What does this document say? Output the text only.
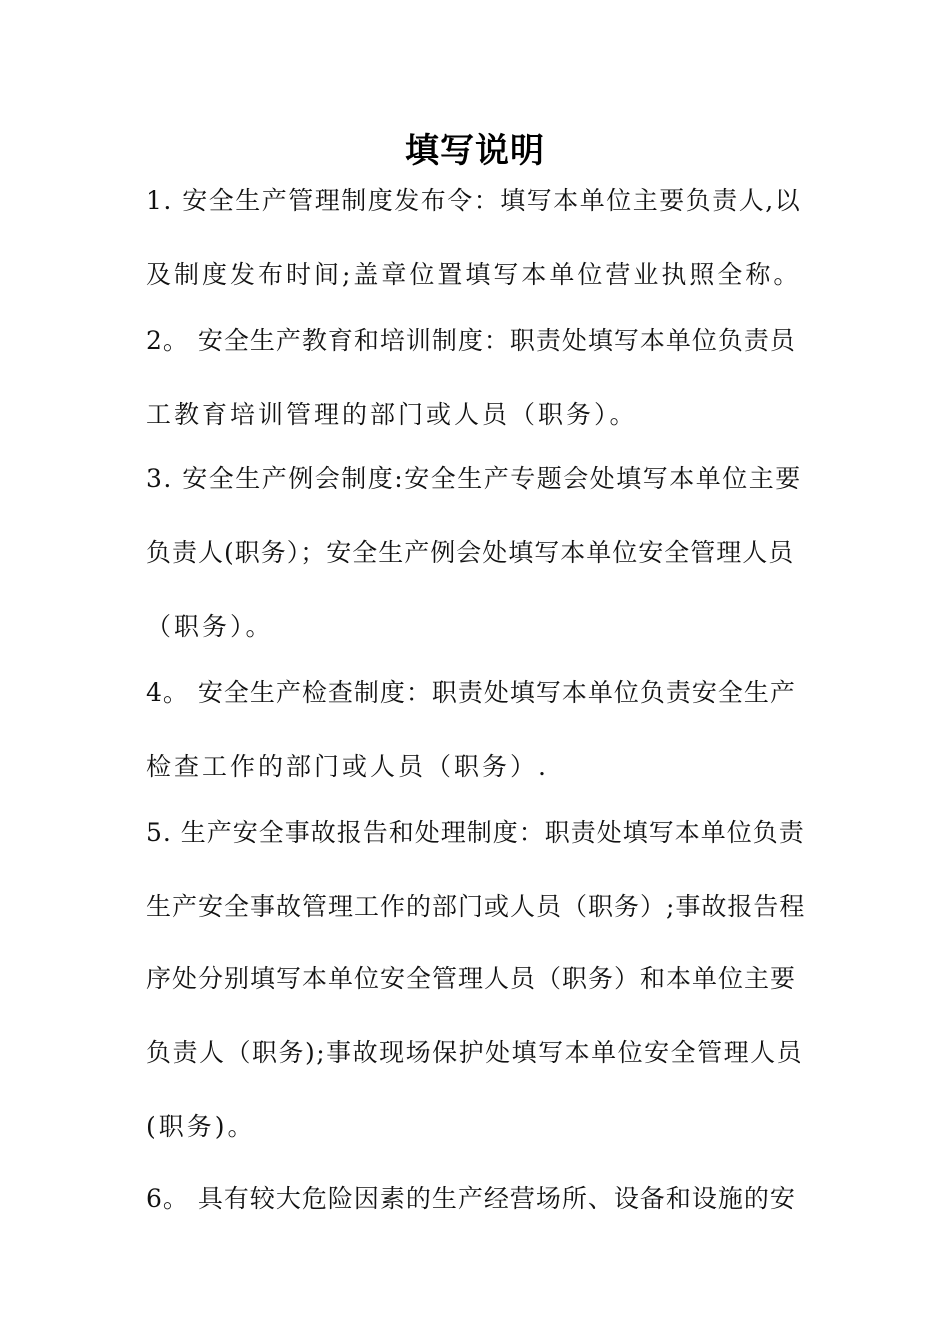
填写说明
1. 安全生产管理制度发布令：填写本单位主要负责人,以
及制度发布时间;盖章位置填写本单位营业执照全称。
2。 安全生产教育和培训制度：职责处填写本单位负责员
工教育培训管理的部门或人员（职务）。
3. 安全生产例会制度:安全生产专题会处填写本单位主要
负责人(职务）；安全生产例会处填写本单位安全管理人员
（职务）。
4。 安全生产检查制度：职责处填写本单位负责安全生产
检查工作的部门或人员（职务）.
5. 生产安全事故报告和处理制度：职责处填写本单位负责
生产安全事故管理工作的部门或人员（职务）;事故报告程
序处分别填写本单位安全管理人员（职务）和本单位主要
负责人（职务);事故现场保护处填写本单位安全管理人员
(职务)。
6。 具有较大危险因素的生产经营场所、设备和设施的安
